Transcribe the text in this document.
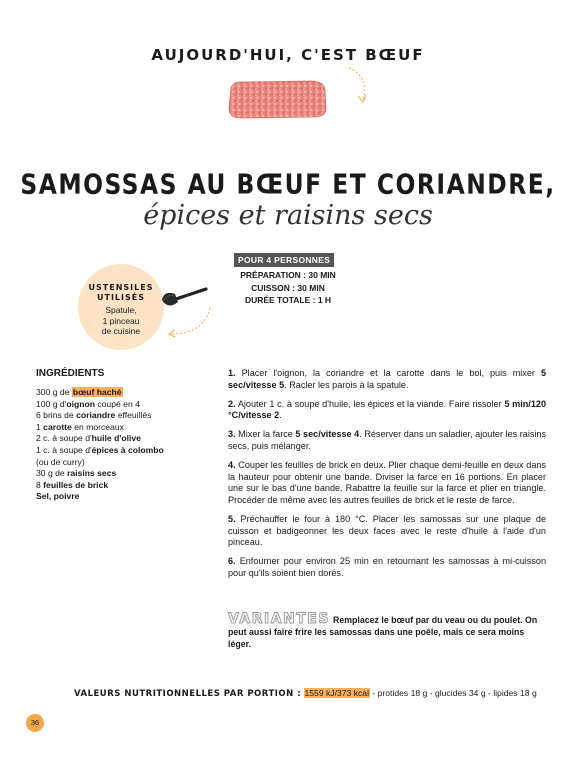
AUJOURD'HUI, C'EST BŒUF
SAMOSSAS AU BŒUF ET CORIANDRE,
épices et raisins secs
POUR 4 PERSONNES
PRÉPARATION : 30 MIN
CUISSON : 30 MIN
DURÉE TOTALE : 1 H
USTENSILES
UTILISÉS
Spatule,
1 pinceau
de cuisine
INGRÉDIENTS
300 g de bœuf haché
100 g d'oignon coupé en 4
6 brins de coriandre effeuillés
1 carotte en morceaux
2 c. à soupe d'huile d'olive
1 c. à soupe d'épices à colombo
(ou de curry)
30 g de raisins secs
8 feuilles de brick
Sel, poivre
1. Placer l'oignon, la coriandre et la carotte dans le bol, puis mixer 5 sec/vitesse 5. Racler les parois à la spatule.
2. Ajouter 1 c. à soupe d'huile, les épices et la viande. Faire rissoler 5 min/120 °C/vitesse 2.
3. Mixer la farce 5 sec/vitesse 4. Réserver dans un saladier, ajouter les raisins secs, puis mélanger.
4. Couper les feuilles de brick en deux. Plier chaque demi-feuille en deux dans la hauteur pour obtenir une bande. Diviser la farce en 16 portions. En placer une sur le bas d'une bande. Rabattre la feuille sur la farce et plier en triangle. Procéder de même avec les autres feuilles de brick et le reste de farce.
5. Préchauffer le four à 180 °C. Placer les samossas sur une plaque de cuisson et badigeonner les deux faces avec le reste d'huile à l'aide d'un pinceau.
6. Enfourner pour environ 25 min en retournant les samossas à mi-cuisson pour qu'ils soient bien dorés.
VARIANTES Remplacez le bœuf par du veau ou du poulet. On peut aussi faire frire les samossas dans une poêle, mais ce sera moins léger.
VALEURS NUTRITIONNELLES PAR PORTION : 1559 kJ/373 kcal - protides 18 g - glucides 34 g - lipides 18 g
36
